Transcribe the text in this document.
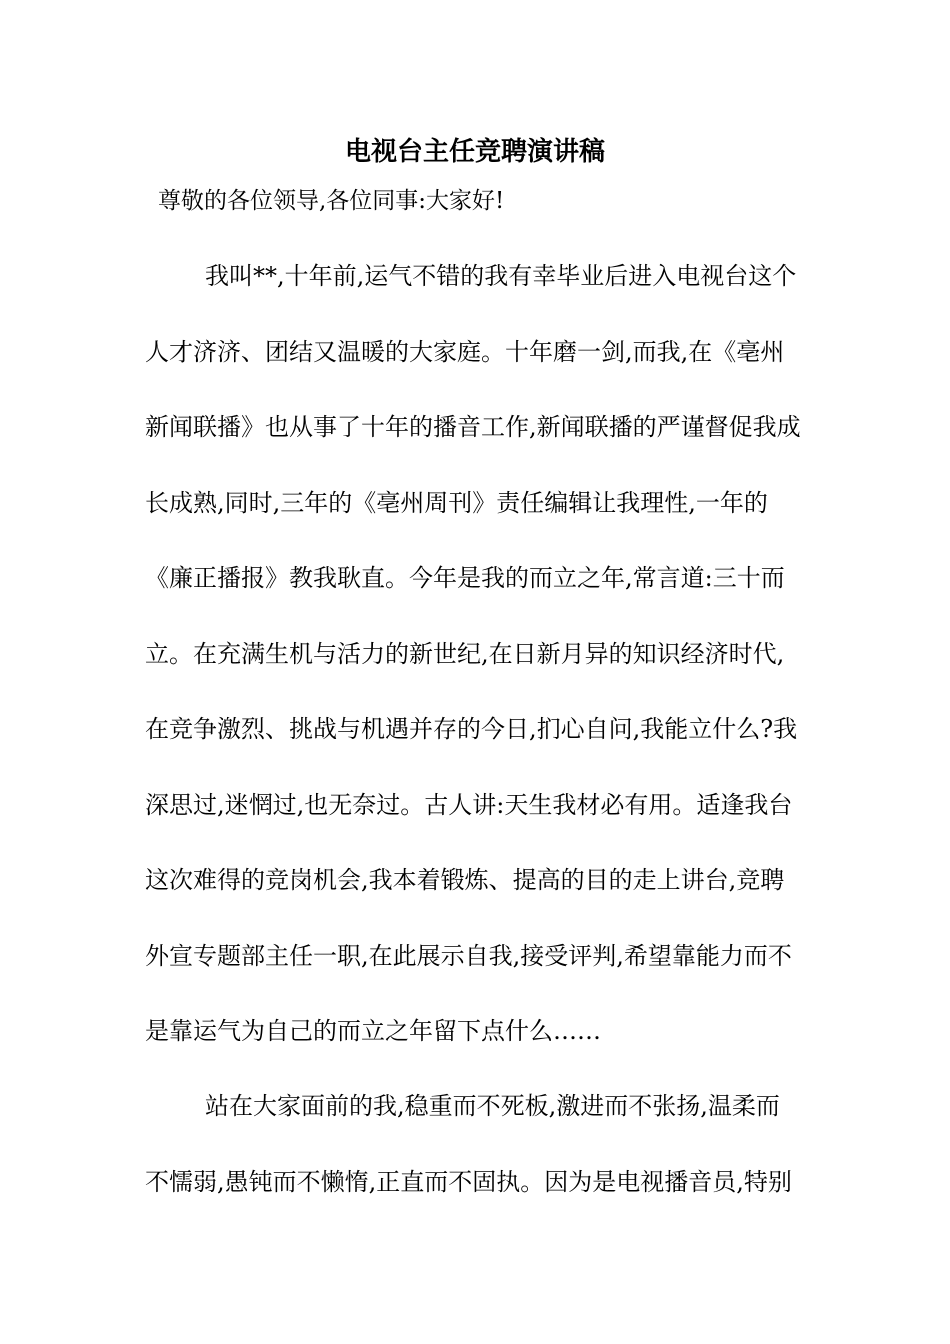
电视台主任竞聘演讲稿
尊敬的各位领导,各位同事:大家好!
我叫**,十年前,运气不错的我有幸毕业后进入电视台这个
人才济济、团结又温暖的大家庭。十年磨一剑,而我,在《亳州
新闻联播》也从事了十年的播音工作,新闻联播的严谨督促我成
长成熟,同时,三年的《亳州周刊》责任编辑让我理性,一年的
《廉正播报》教我耿直。今年是我的而立之年,常言道:三十而
立。在充满生机与活力的新世纪,在日新月异的知识经济时代,
在竞争激烈、挑战与机遇并存的今日,扪心自问,我能立什么?我
深思过,迷惘过,也无奈过。古人讲:天生我材必有用。适逢我台
这次难得的竞岗机会,我本着锻炼、提高的目的走上讲台,竞聘
外宣专题部主任一职,在此展示自我,接受评判,希望靠能力而不
是靠运气为自己的而立之年留下点什么……
站在大家面前的我,稳重而不死板,激进而不张扬,温柔而
不懦弱,愚钝而不懒惰,正直而不固执。因为是电视播音员,特别
